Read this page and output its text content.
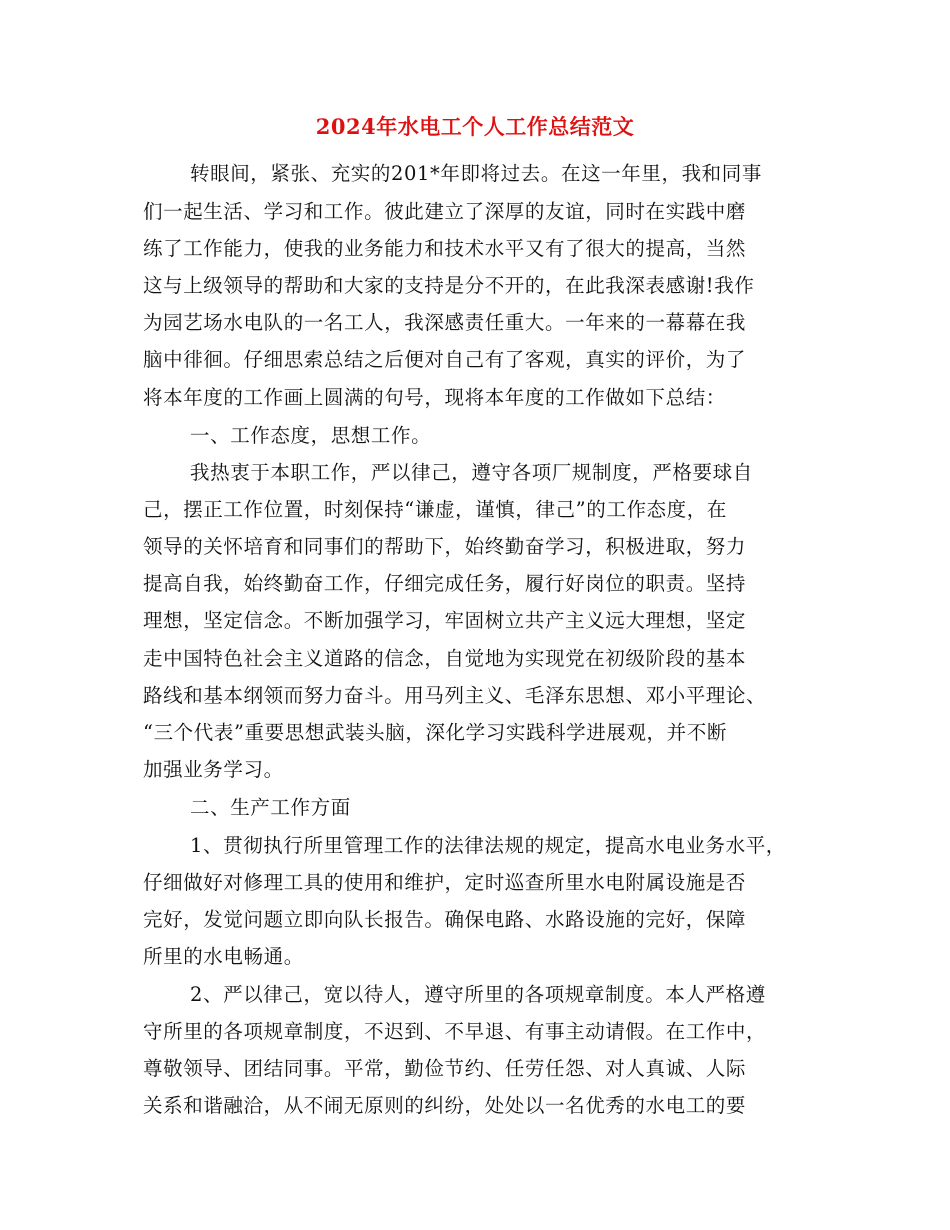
2024年水电工个人工作总结范文
转眼间，紧张、充实的201*年即将过去。在这一年里，我和同事
们一起生活、学习和工作。彼此建立了深厚的友谊，同时在实践中磨
练了工作能力，使我的业务能力和技术水平又有了很大的提高，当然
这与上级领导的帮助和大家的支持是分不开的，在此我深表感谢!我作
为园艺场水电队的一名工人，我深感责任重大。一年来的一幕幕在我
脑中徘徊。仔细思索总结之后便对自己有了客观，真实的评价，为了
将本年度的工作画上圆满的句号，现将本年度的工作做如下总结：
一、工作态度，思想工作。
我热衷于本职工作，严以律己，遵守各项厂规制度，严格要球自
己，摆正工作位置，时刻保持“谦虚，谨慎，律己”的工作态度，在
领导的关怀培育和同事们的帮助下，始终勤奋学习，积极进取，努力
提高自我，始终勤奋工作，仔细完成任务，履行好岗位的职责。坚持
理想，坚定信念。不断加强学习，牢固树立共产主义远大理想，坚定
走中国特色社会主义道路的信念，自觉地为实现党在初级阶段的基本
路线和基本纲领而努力奋斗。用马列主义、毛泽东思想、邓小平理论、
“三个代表”重要思想武装头脑，深化学习实践科学进展观，并不断
加强业务学习。
二、生产工作方面
1、贯彻执行所里管理工作的法律法规的规定，提高水电业务水平，
仔细做好对修理工具的使用和维护，定时巡查所里水电附属设施是否
完好，发觉问题立即向队长报告。确保电路、水路设施的完好，保障
所里的水电畅通。
2、严以律己，宽以待人，遵守所里的各项规章制度。本人严格遵
守所里的各项规章制度，不迟到、不早退、有事主动请假。在工作中，
尊敬领导、团结同事。平常，勤俭节约、任劳任怨、对人真诚、人际
关系和谐融洽，从不闹无原则的纠纷，处处以一名优秀的水电工的要
